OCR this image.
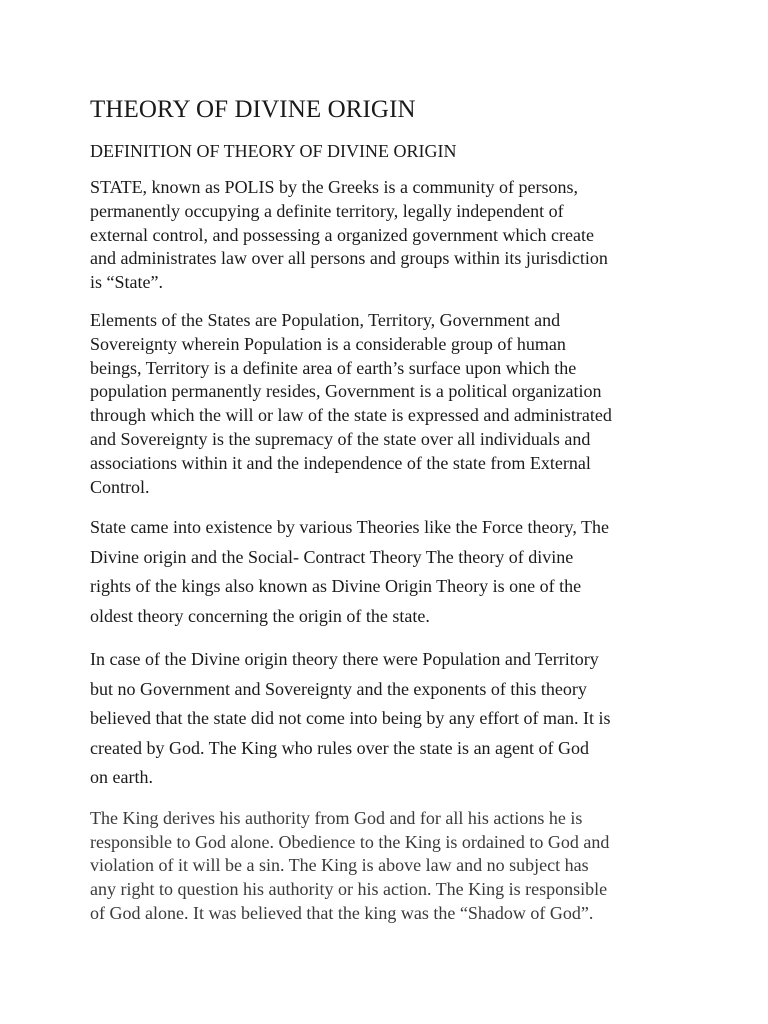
THEORY OF DIVINE ORIGIN
DEFINITION OF THEORY OF DIVINE ORIGIN

STATE, known as POLIS by the Greeks is a community of persons,
permanently occupying a definite territory, legally independent of
external control, and possessing a organized government which create
and administrates law over all persons and groups within its jurisdiction
is “State”.

Elements of the States are Population, Territory, Government and
Sovereignty wherein Population is a considerable group of human
beings, Territory is a definite area of earth’s surface upon which the
population permanently resides, Government is a political organization
through which the will or law of the state is expressed and administrated
and Sovereignty is the supremacy of the state over all individuals and
associations within it and the independence of the state from External
Control.

State came into existence by various Theories like the Force theory, The
Divine origin and the Social- Contract Theory The theory of divine
rights of the kings also known as Divine Origin Theory is one of the
oldest theory concerning the origin of the state.

In case of the Divine origin theory there were Population and Territory
but no Government and Sovereignty and the exponents of this theory
believed that the state did not come into being by any effort of man. It is
created by God. The King who rules over the state is an agent of God
on earth.

The King derives his authority from God and for all his actions he is
responsible to God alone. Obedience to the King is ordained to God and
violation of it will be a sin. The King is above law and no subject has
any right to question his authority or his action. The King is responsible
of God alone. It was believed that the king was the “Shadow of God”.
